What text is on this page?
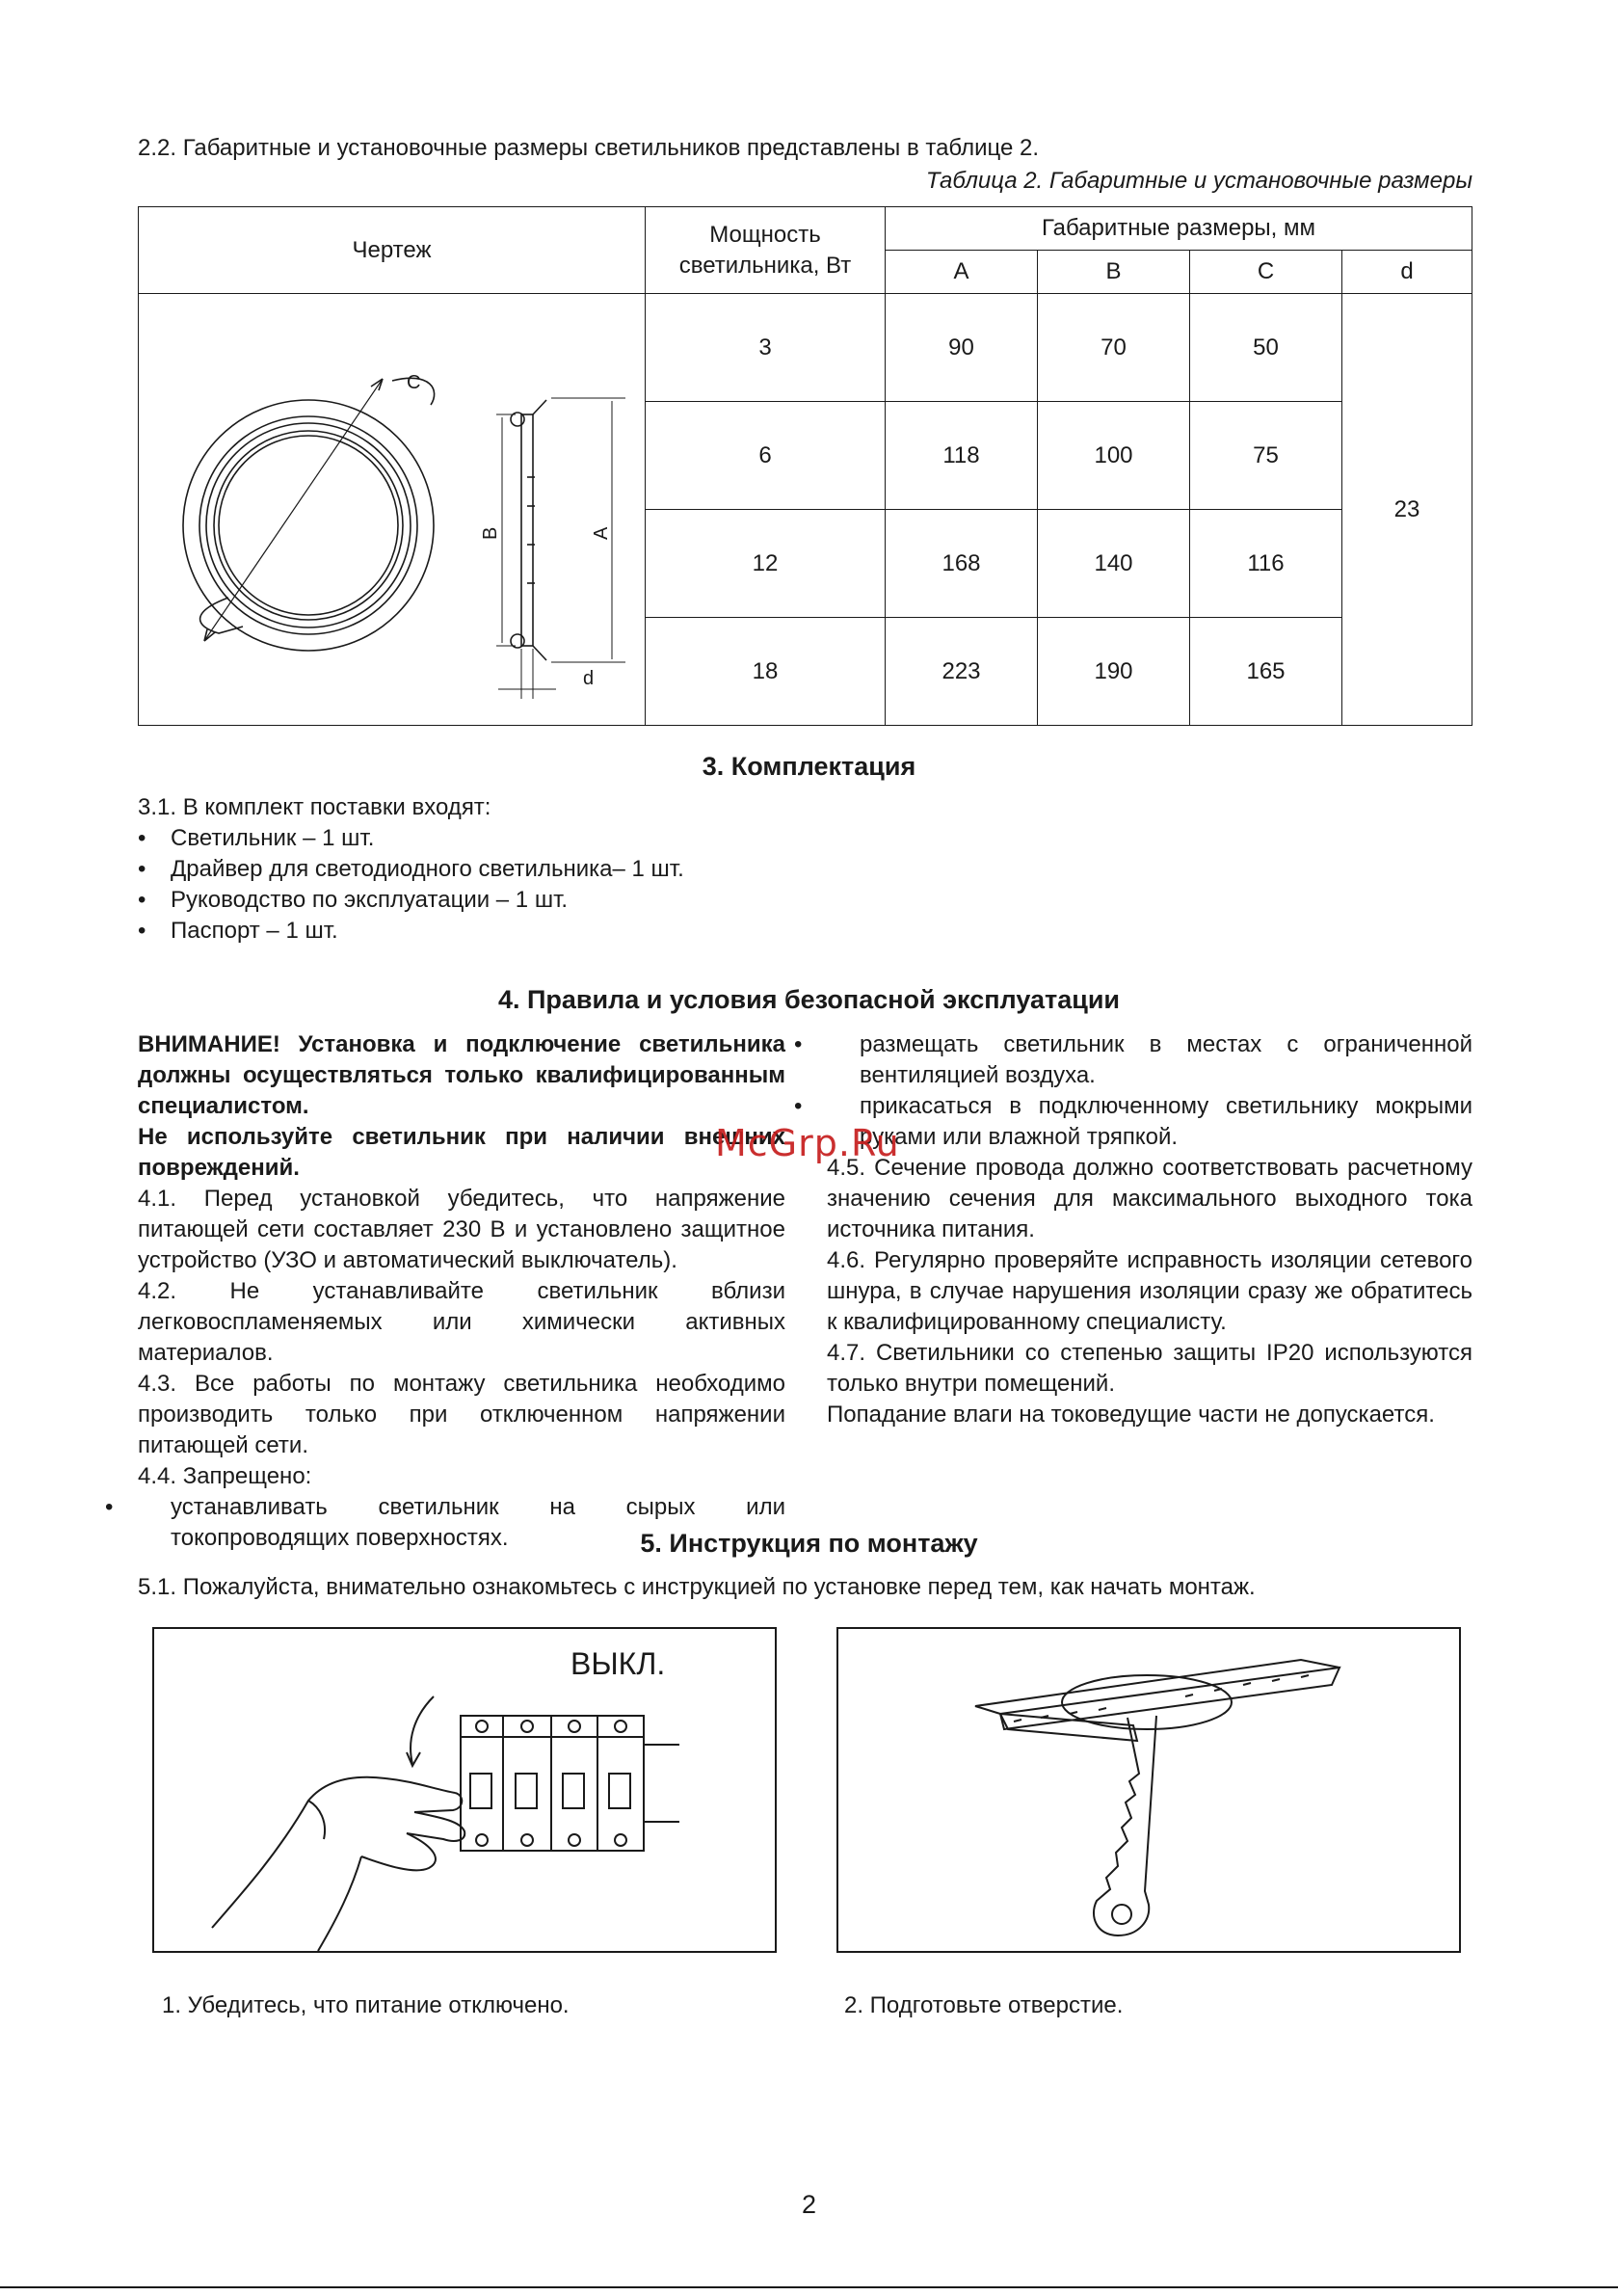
2.2. Габаритные и установочные размеры светильников представлены в таблице 2.
Таблица 2. Габаритные и установочные размеры
Чертеж	Мощность светильника, Вт	Габаритные размеры, мм			
		A	B	C	d

C
B A
d	3	90	70	50	23
	6	118	100	75	
	12	168	140	116	
	18	223	190	165	
3. Комплектация
3.1. В комплект поставки входят:
• Светильник – 1 шт.
• Драйвер для светодиодного светильника– 1 шт.
• Руководство по эксплуатации – 1 шт.
• Паспорт – 1 шт.
4. Правила и условия безопасной эксплуатации

ВНИМАНИЕ! Установка и подключение светильника должны осуществляться только квалифицированным специалистом.

Не используйте светильник при наличии внешних повреждений.

4.1. Перед установкой убедитесь, что напряжение питающей сети составляет 230 В и установлено защитное устройство (УЗО и автоматический выключатель).

4.2. Не устанавливайте светильник вблизи легковоспламеняемых или химически активных материалов.

4.3. Все работы по монтажу светильника необходимо производить только при отключенном напряжении питающей сети.

4.4. Запрещено:

• устанавливать светильник на сырых или токопроводящих поверхностях.

• размещать светильник в местах с ограниченной вентиляцией воздуха.

• прикасаться в подключенному светильнику мокрыми руками или влажной тряпкой.

4.5. Сечение провода должно соответствовать расчетному значению сечения для максимального выходного тока источника питания.

4.6. Регулярно проверяйте исправность изоляции сетевого шнура, в случае нарушения изоляции сразу же обратитесь к квалифицированному специалисту.

4.7. Светильники со степенью защиты IP20 используются только внутри помещений.

Попадание влаги на токоведущие части не допускается.

McGrp.Ru
5. Инструкция по монтажу
5.1. Пожалуйста, внимательно ознакомьтесь с инструкцией по установке перед тем, как начать монтаж.
ВЫКЛ.
1. Убедитесь, что питание отключено.	2. Подготовьте отверстие.
2
